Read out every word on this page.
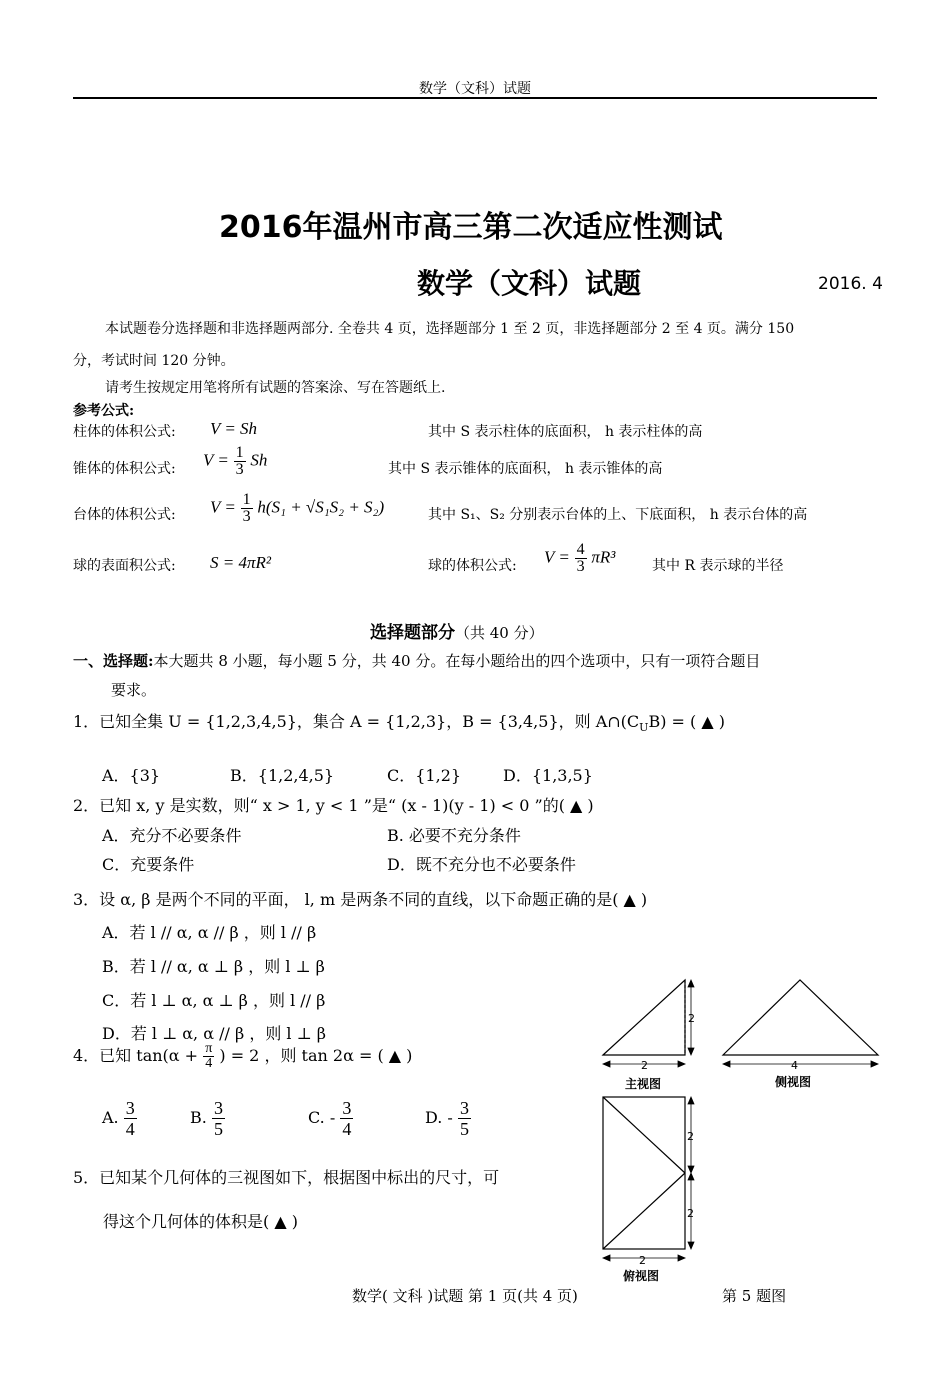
数学（文科）试题
2016年温州市高三第二次适应性测试
数学（文科）试题	2016. 4
本试题卷分选择题和非选择题两部分. 全卷共 4 页，选择题部分 1 至 2 页，非选择题部分 2 至 4 页。满分 150
分，考试时间 120 分钟。
请考生按规定用笔将所有试题的答案涂、写在答题纸上.
参考公式:
柱体的体积公式: V = Sh	其中 S 表示柱体的底面积， h 表示柱体的高
锥体的体积公式: $V = \frac{1}{3}$ Sh	其中 S 表示锥体的底面积， h 表示锥体的高
台体的体积公式: $V = \frac{1}{3} h(S_1 + √S_1S_2 + S_2)$	其中 S₁、S₂ 分别表示台体的上、下底面积， h 表示台体的高
球的表面积公式: S = 4πR²	球的体积公式: $V = \frac{4}{3} \pi R^3$	其中 R 表示球的半径
选择题部分（共 40 分）
一、选择题:本大题共 8 小题，每小题 5 分，共 40 分。在每小题给出的四个选项中，只有一项符合题目
要求。
1．已知全集 U = {1,2,3,4,5}，集合 A = {1,2,3}，B = {3,4,5}，则 $A\cap(C_UB)$ = ( ▲ )
A．{3}	B．{1,2,4,5}	C．{1,2}	D．{1,3,5}
2．已知 x, y 是实数，则“ x > 1, y < 1 ”是“ (x - 1)(y - 1) < 0 ”的( ▲ )
A．充分不必要条件	B. 必要不充分条件
C．充要条件	D．既不充分也不必要条件
3．设 α, β 是两个不同的平面， l, m 是两条不同的直线，以下命题正确的是( ▲ )
A．若 l // α, α // β ，则 l // β
B．若 l // α, α ⊥ β ，则 l ⊥ β
C．若 l ⊥ α, α ⊥ β ，则 l // β
D．若 l ⊥ α, α // β ，则 l ⊥ β
4．已知 $\tan(\alpha + \frac{\pi}{4}$ ) = 2 ，则 tan 2α = ( ▲ )
A. $\frac{3}{4}$	B. $\frac{3}{5}$	C. - $\frac{3}{4}$	D. - $\frac{3}{5}$
5．已知某个几何体的三视图如下，根据图中标出的尺寸，可
得这个几何体的体积是( ▲ )
2
2
主视图
4
侧视图
2
2
2
俯视图
第 5 题图
数学( 文科 )试题 第 1 页(共 4 页)
